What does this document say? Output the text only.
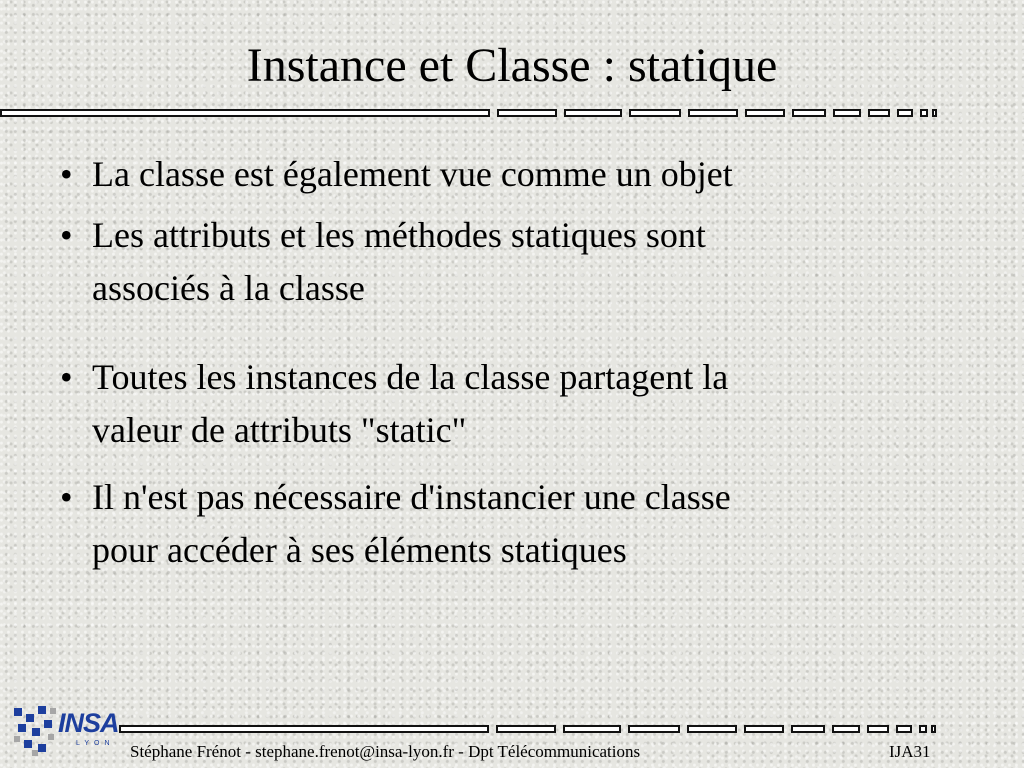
Instance et Classe : statique
• La classe est également vue comme un objet
• Les attributs et les méthodes statiques sont
associés à la classe
• Toutes les instances de la classe partagent la
valeur de attributs "static"
• Il n'est pas nécessaire d'instancier une classe
pour accéder à ses éléments statiques
INSA
LYON Stéphane Frénot - stephane.frenot@insa-lyon.fr - Dpt Télécommunications	IJA31
